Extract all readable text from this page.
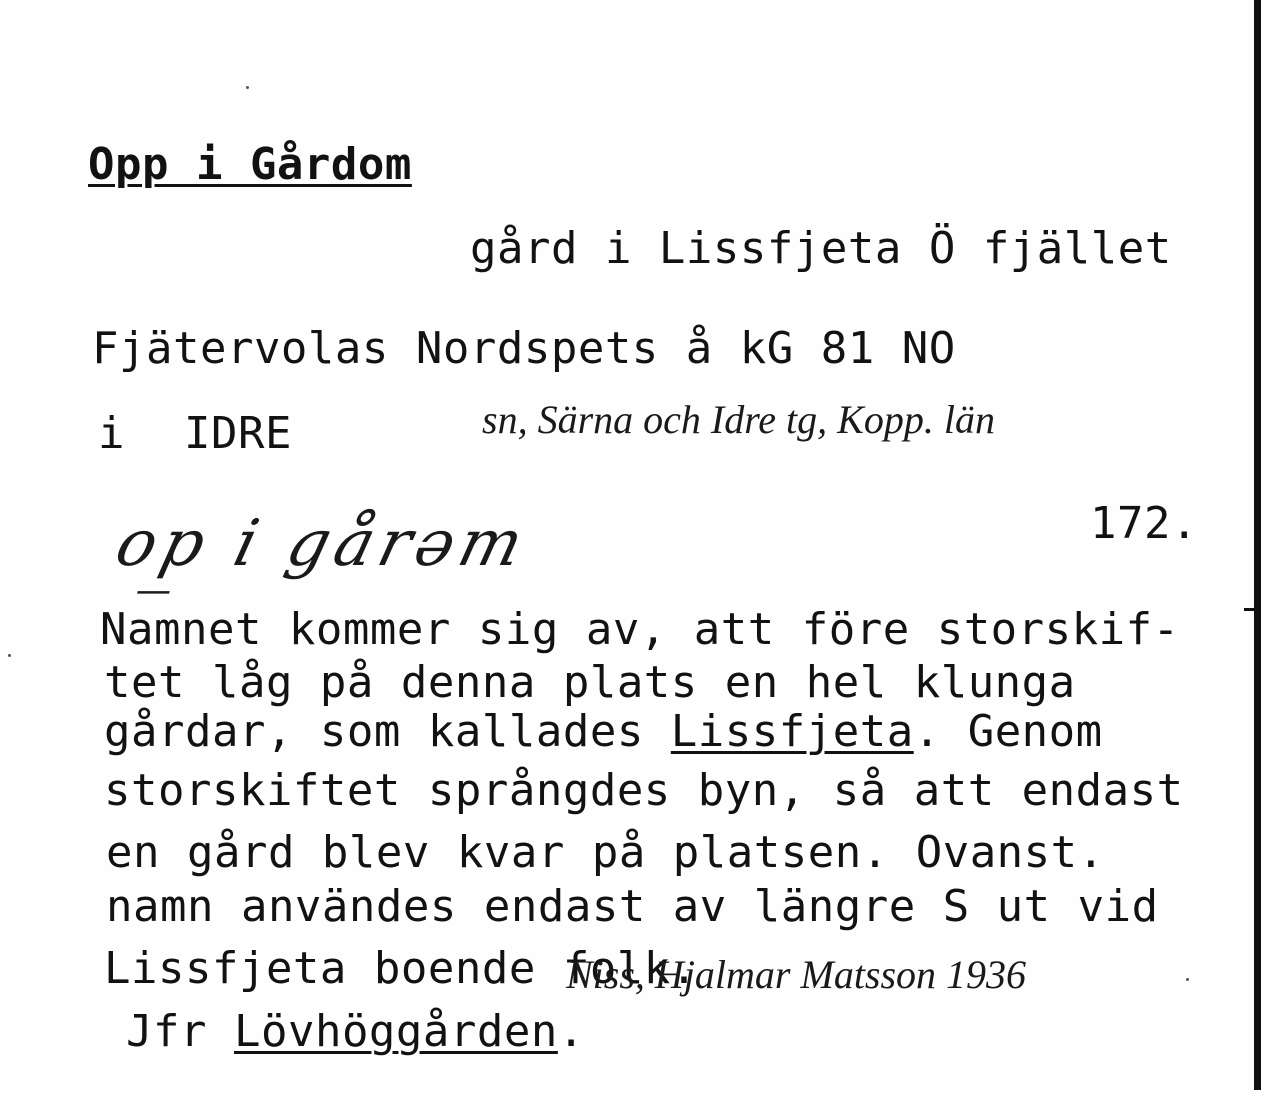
Opp i Gårdom
gård i Lissfjeta Ö fjället
Fjätervolas Nordspets å kG 81 NO
i IDRE	sn, Särna och Idre tg, Kopp. län
op̲ i gårəm	172.
Namnet kommer sig av, att före storskif-
tet låg på denna plats en hel klunga
gårdar, som kallades Lissfjeta. Genom
storskiftet språngdes byn, så att endast
en gård blev kvar på platsen. Ovanst.
namn användes endast av längre S ut vid
Lissfjeta boende folk.
Niss, Hjalmar Matsson 1936
Jfr Lövhöggården.
